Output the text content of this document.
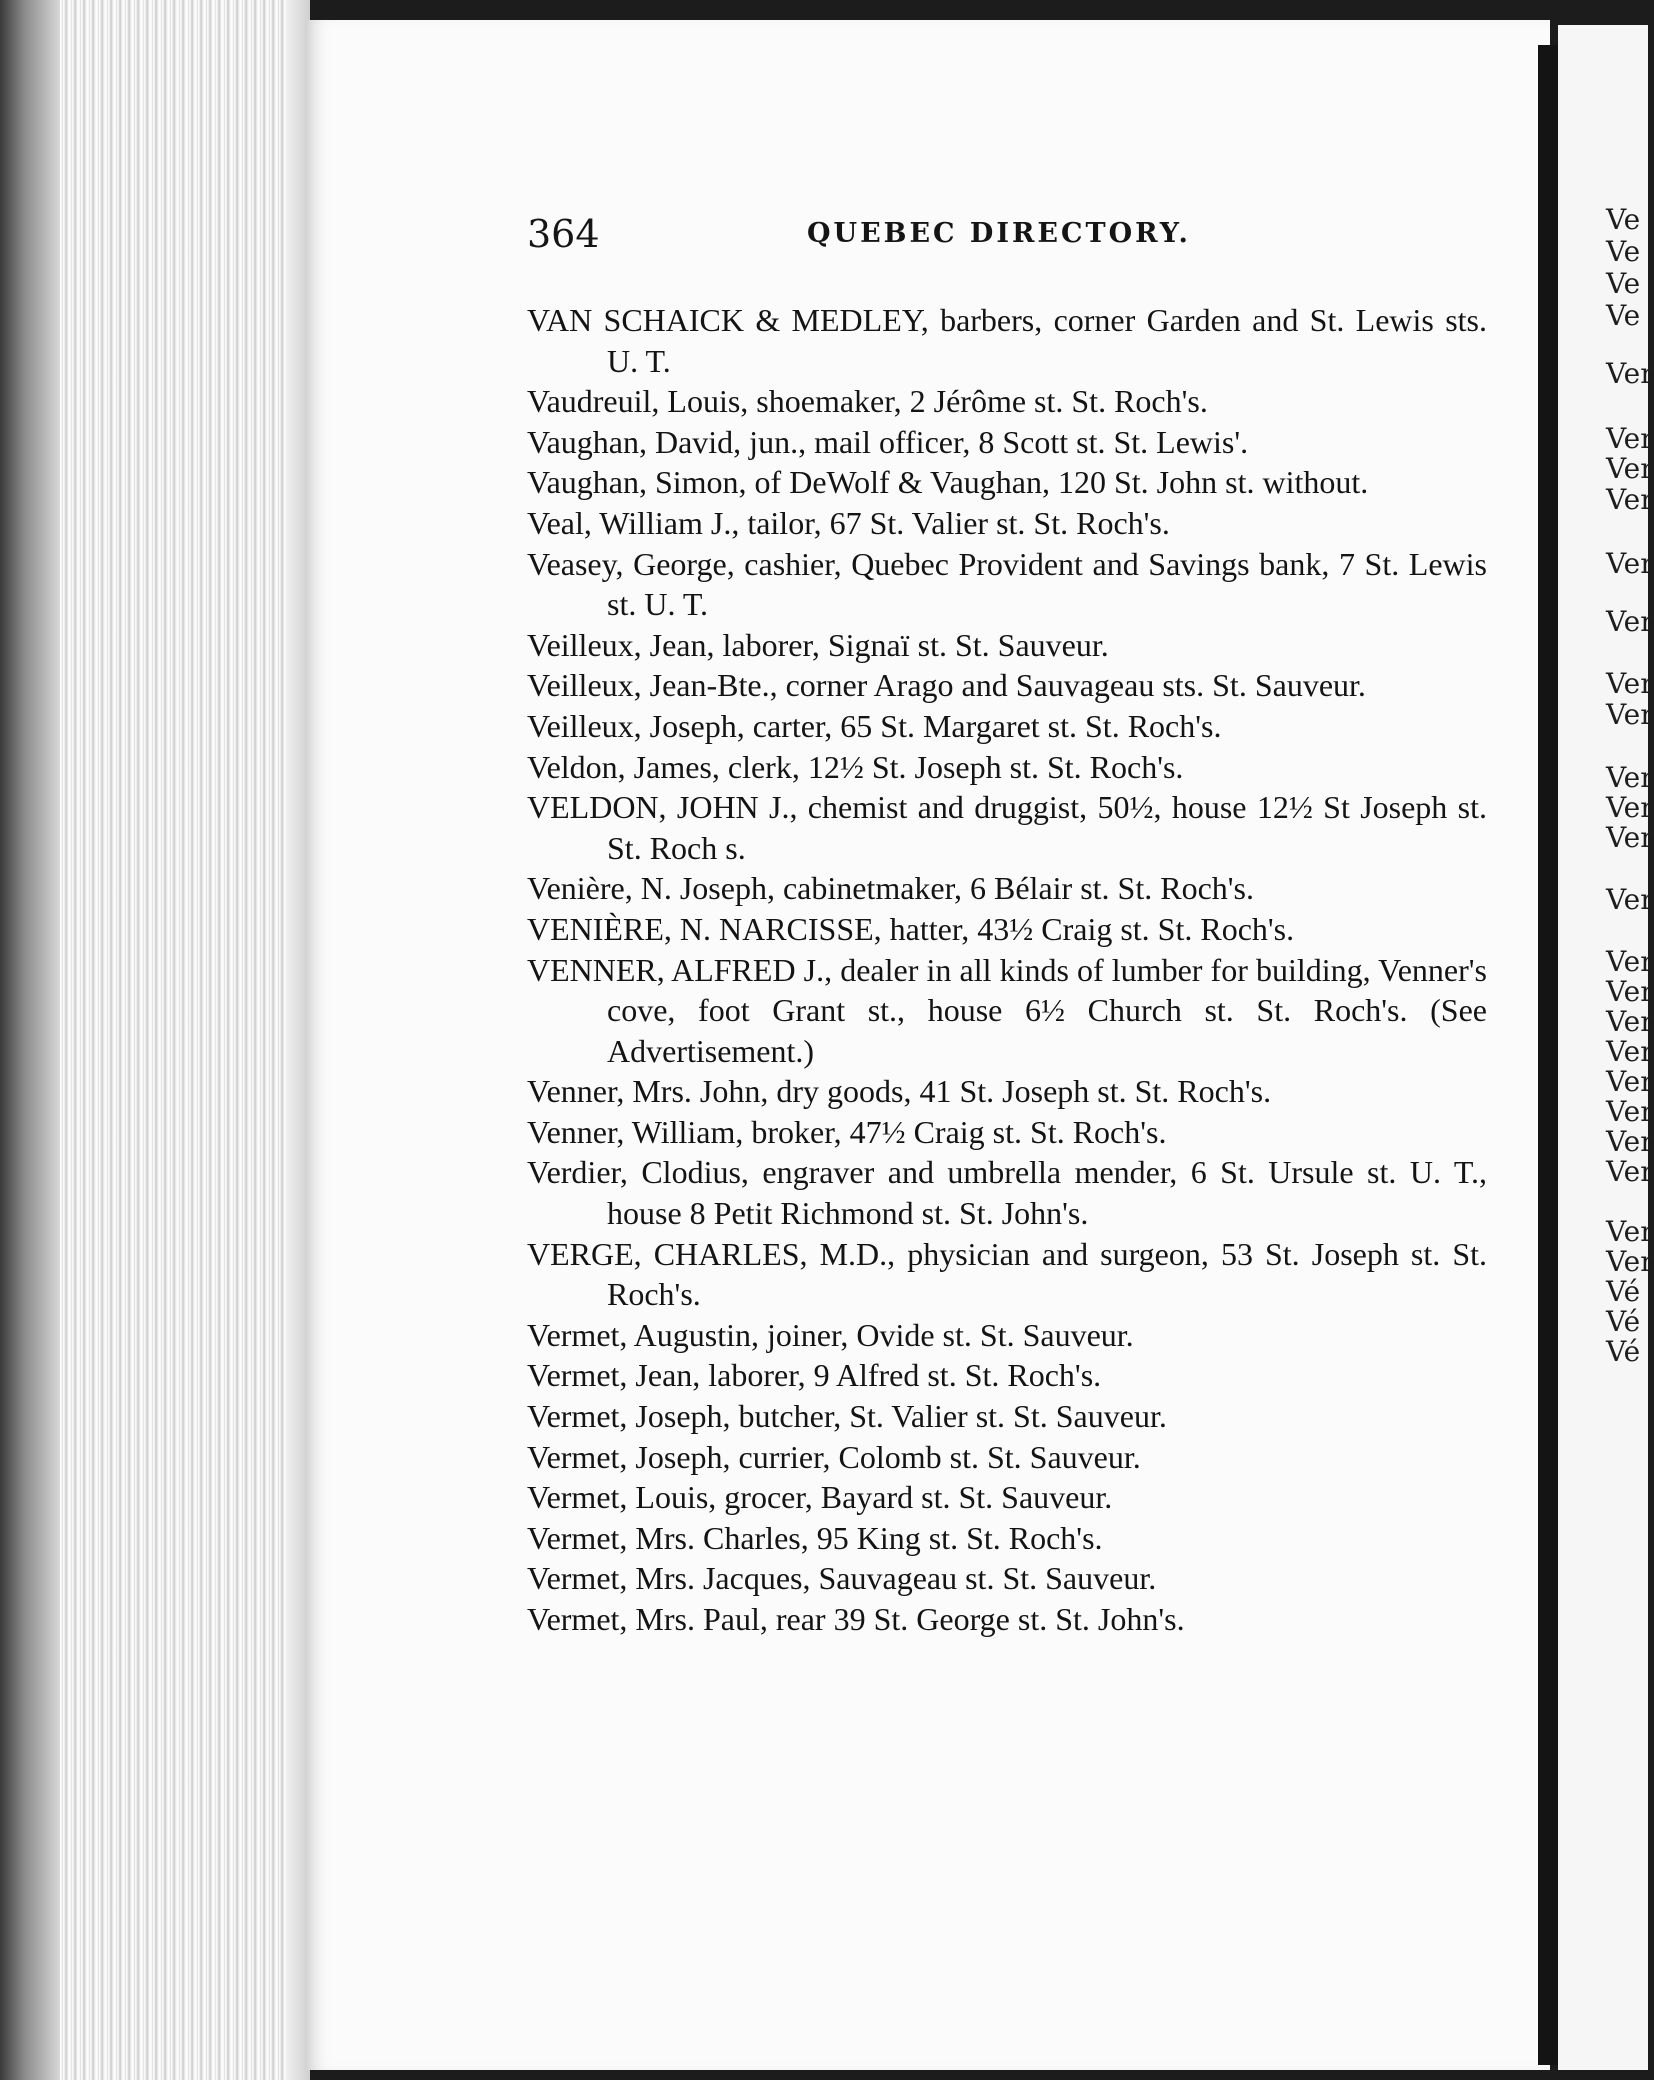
Ve
Ve
Ve
Ve
Ver
Ver
Ver
Ver
Ver
Ver
Ver
Ver
Ver
Ver
Ver
Ver
Ver
Ver
Ver
Ver
Ver
Ver
Ver
Ver
Ver
Ver
Vé
Vé
Vé
364	QUEBEC DIRECTORY.
VAN SCHAICK & MEDLEY, barbers, corner Garden and St. Lewis sts. U. T.
Vaudreuil, Louis, shoemaker, 2 Jérôme st. St. Roch's.
Vaughan, David, jun., mail officer, 8 Scott st. St. Lewis'.
Vaughan, Simon, of DeWolf & Vaughan, 120 St. John st. without.
Veal, William J., tailor, 67 St. Valier st. St. Roch's.
Veasey, George, cashier, Quebec Provident and Savings bank, 7 St. Lewis st. U. T.
Veilleux, Jean, laborer, Signaï st. St. Sauveur.
Veilleux, Jean-Bte., corner Arago and Sauvageau sts. St. Sauveur.
Veilleux, Joseph, carter, 65 St. Margaret st. St. Roch's.
Veldon, James, clerk, 12½ St. Joseph st. St. Roch's.
VELDON, JOHN J., chemist and druggist, 50½, house 12½ St Joseph st. St. Roch s.
Venière, N. Joseph, cabinetmaker, 6 Bélair st. St. Roch's.
VENIÈRE, N. NARCISSE, hatter, 43½ Craig st. St. Roch's.
VENNER, ALFRED J., dealer in all kinds of lumber for building, Venner's cove, foot Grant st., house 6½ Church st. St. Roch's. (See Advertisement.)
Venner, Mrs. John, dry goods, 41 St. Joseph st. St. Roch's.
Venner, William, broker, 47½ Craig st. St. Roch's.
Verdier, Clodius, engraver and umbrella mender, 6 St. Ursule st. U. T., house 8 Petit Richmond st. St. John's.
VERGE, CHARLES, M.D., physician and surgeon, 53 St. Joseph st. St. Roch's.
Vermet, Augustin, joiner, Ovide st. St. Sauveur.
Vermet, Jean, laborer, 9 Alfred st. St. Roch's.
Vermet, Joseph, butcher, St. Valier st. St. Sauveur.
Vermet, Joseph, currier, Colomb st. St. Sauveur.
Vermet, Louis, grocer, Bayard st. St. Sauveur.
Vermet, Mrs. Charles, 95 King st. St. Roch's.
Vermet, Mrs. Jacques, Sauvageau st. St. Sauveur.
Vermet, Mrs. Paul, rear 39 St. George st. St. John's.
